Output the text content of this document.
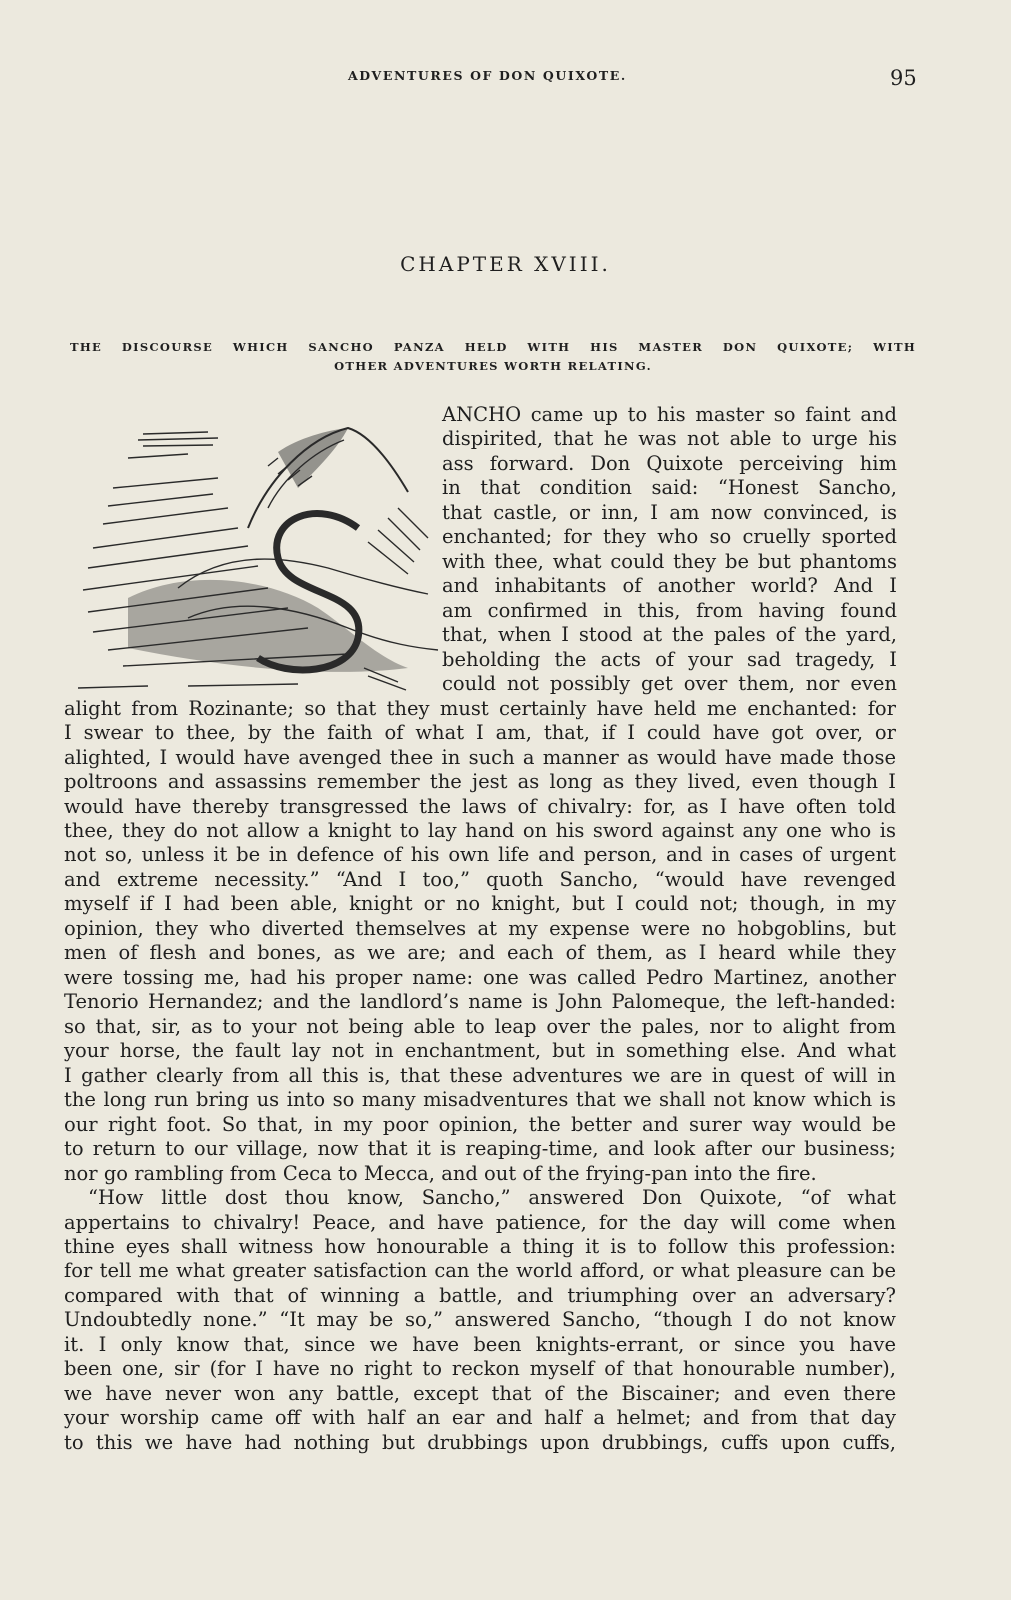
ADVENTURES OF DON QUIXOTE.	95
CHAPTER XVIII.
THE DISCOURSE WHICH SANCHO PANZA HELD WITH HIS MASTER DON QUIXOTE; WITH
OTHER ADVENTURES WORTH RELATING.
ANCHO came up to his master so faint and
dispirited, that he was not able to urge his
ass forward. Don Quixote perceiving him
in that condition said: “Honest Sancho,
that castle, or inn, I am now convinced, is
enchanted; for they who so cruelly sported
with thee, what could they be but phantoms
and inhabitants of another world? And I
am confirmed in this, from having found
that, when I stood at the pales of the yard,
beholding the acts of your sad tragedy, I
could not possibly get over them, nor even
alight from Rozinante; so that they must certainly have held me enchanted: for
I swear to thee, by the faith of what I am, that, if I could have got over, or
alighted, I would have avenged thee in such a manner as would have made those
poltroons and assassins remember the jest as long as they lived, even though I
would have thereby transgressed the laws of chivalry: for, as I have often told
thee, they do not allow a knight to lay hand on his sword against any one who is
not so, unless it be in defence of his own life and person, and in cases of urgent
and extreme necessity.” “And I too,” quoth Sancho, “would have revenged
myself if I had been able, knight or no knight, but I could not; though, in my
opinion, they who diverted themselves at my expense were no hobgoblins, but
men of flesh and bones, as we are; and each of them, as I heard while they
were tossing me, had his proper name: one was called Pedro Martinez, another
Tenorio Hernandez; and the landlord’s name is John Palomeque, the left-handed:
so that, sir, as to your not being able to leap over the pales, nor to alight from
your horse, the fault lay not in enchantment, but in something else. And what
I gather clearly from all this is, that these adventures we are in quest of will in
the long run bring us into so many misadventures that we shall not know which is
our right foot. So that, in my poor opinion, the better and surer way would be
to return to our village, now that it is reaping-time, and look after our business;
nor go rambling from Ceca to Mecca, and out of the frying-pan into the fire.
“How little dost thou know, Sancho,” answered Don Quixote, “of what
appertains to chivalry! Peace, and have patience, for the day will come when
thine eyes shall witness how honourable a thing it is to follow this profession:
for tell me what greater satisfaction can the world afford, or what pleasure can be
compared with that of winning a battle, and triumphing over an adversary?
Undoubtedly none.” “It may be so,” answered Sancho, “though I do not know
it. I only know that, since we have been knights-errant, or since you have
been one, sir (for I have no right to reckon myself of that honourable number),
we have never won any battle, except that of the Biscainer; and even there
your worship came off with half an ear and half a helmet; and from that day
to this we have had nothing but drubbings upon drubbings, cuffs upon cuffs,
